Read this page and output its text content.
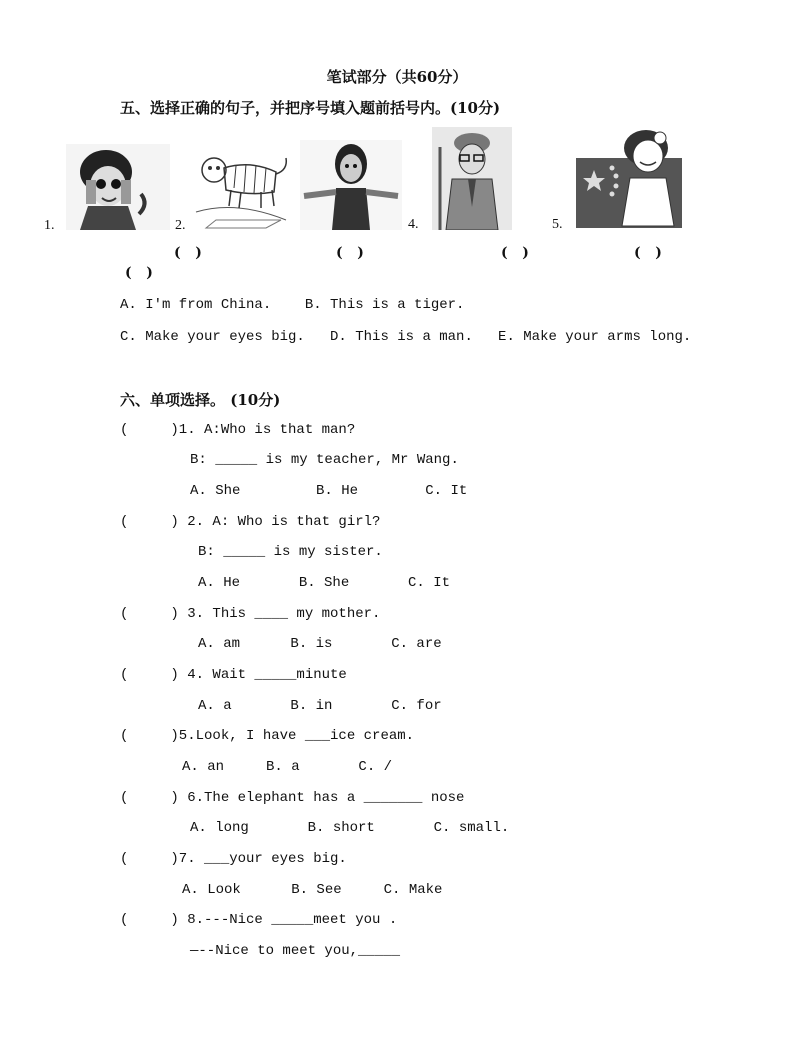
笔试部分（共60分）
五、选择正确的句子，并把序号填入题前括号内。(10分)
1.	2.	4.	5.
(   )	(   )	(   )	(   )
(   )
A. I'm from China.    B. This is a tiger.
C. Make your eyes big.   D. This is a man.   E. Make your arms long.
六、单项选择。 (10分)
(     )1. A:Who is that man?
B: _____ is my teacher, Mr Wang.
A. She         B. He        C. It
(     ) 2. A: Who is that girl?
B: _____ is my sister.
A. He       B. She       C. It
(     ) 3. This ____ my mother.
A. am      B. is       C. are
(     ) 4. Wait _____minute
A. a       B. in       C. for
(     )5.Look, I have ___ice cream.
A. an     B. a       C. /
(     ) 6.The elephant has a _______ nose
A. long       B. short       C. small.
(     )7. ___your eyes big.
A. Look      B. See     C. Make
(     ) 8.---Nice _____meet you .
—--Nice to meet you,_____
